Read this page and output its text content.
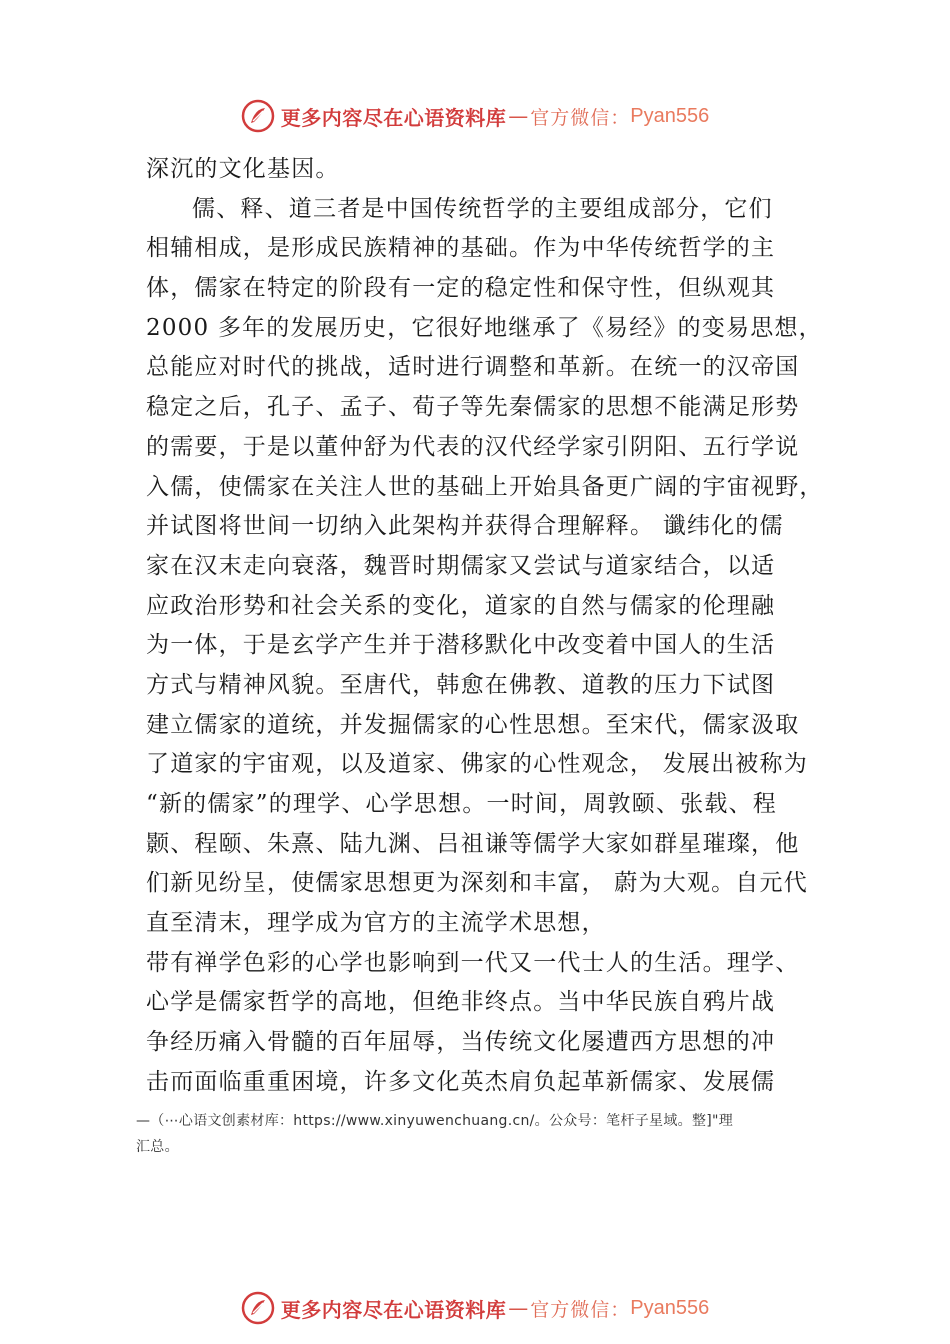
更多内容尽在心语资料库 — 官方微信： Pyan556
深沉的文化基因。
儒、释、道三者是中国传统哲学的主要组成部分，它们
相辅相成，是形成民族精神的基础。作为中华传统哲学的主
体，儒家在特定的阶段有一定的稳定性和保守性，但纵观其
2000 多年的发展历史，它很好地继承了《易经》的变易思想，
总能应对时代的挑战，适时进行调整和革新。在统一的汉帝国
稳定之后，孔子、孟子、荀子等先秦儒家的思想不能满足形势
的需要，于是以董仲舒为代表的汉代经学家引阴阳、五行学说
入儒，使儒家在关注人世的基础上开始具备更广阔的宇宙视野，
并试图将世间一切纳入此架构并获得合理解释。 谶纬化的儒
家在汉末走向衰落，魏晋时期儒家又尝试与道家结合，以适
应政治形势和社会关系的变化，道家的自然与儒家的伦理融
为一体，于是玄学产生并于潜移默化中改变着中国人的生活
方式与精神风貌。至唐代，韩愈在佛教、道教的压力下试图
建立儒家的道统，并发掘儒家的心性思想。至宋代，儒家汲取
了道家的宇宙观，以及道家、佛家的心性观念， 发展出被称为
“新的儒家”的理学、心学思想。一时间，周敦颐、张载、程
颢、程颐、朱熹、陆九渊、吕祖谦等儒学大家如群星璀璨，他
们新见纷呈，使儒家思想更为深刻和丰富， 蔚为大观。自元代
直至清末，理学成为官方的主流学术思想，
带有禅学色彩的心学也影响到一代又一代士人的生活。理学、
心学是儒家哲学的高地，但绝非终点。当中华民族自鸦片战
争经历痛入骨髓的百年屈辱，当传统文化屡遭西方思想的冲
击而面临重重困境，许多文化英杰肩负起革新儒家、发展儒
—（⋯心语文创素材库：https://www.xinyuwenchuang.cn/。公众号：笔杆子星域。整]"理
汇总。
更多内容尽在心语资料库 — 官方微信： Pyan556
